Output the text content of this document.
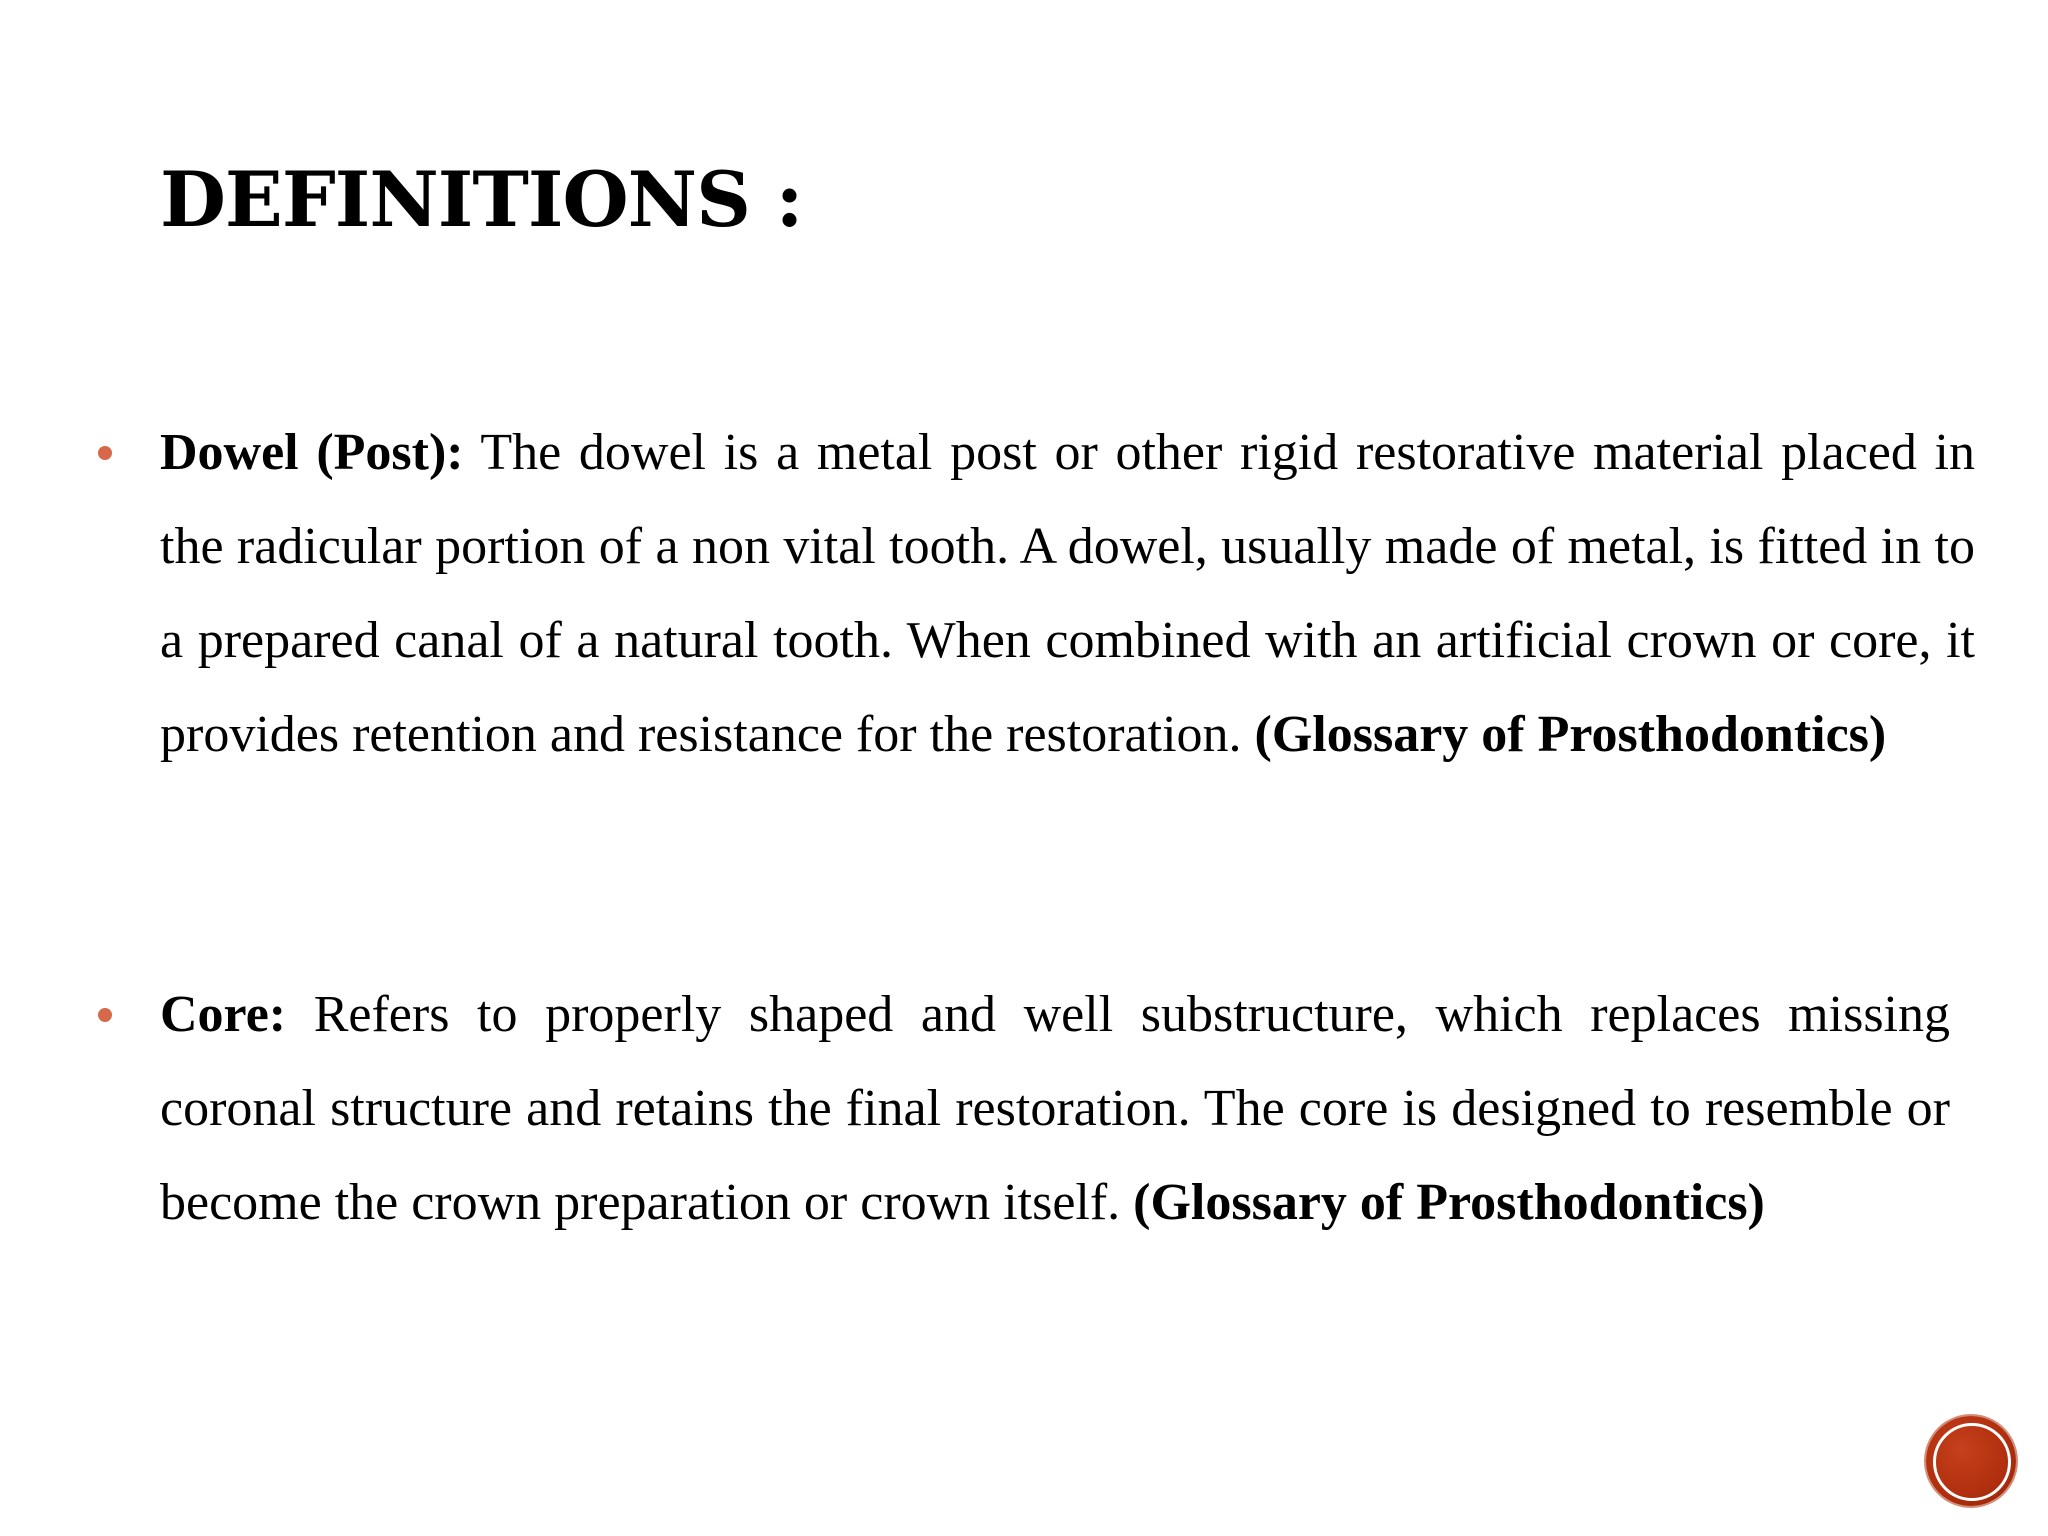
DEFINITIONS :
Dowel (Post): The dowel is a metal post or other rigid restorative material placed in the radicular portion of a non vital tooth. A dowel, usually made of metal, is fitted in to a prepared canal of a natural tooth. When combined with an artificial crown or core, it provides retention and resistance for the restoration. (Glossary of Prosthodontics)
Core: Refers to properly shaped and well substructure, which replaces missing coronal structure and retains the final restoration. The core is designed to resemble or become the crown preparation or crown itself. (Glossary of Prosthodontics)
